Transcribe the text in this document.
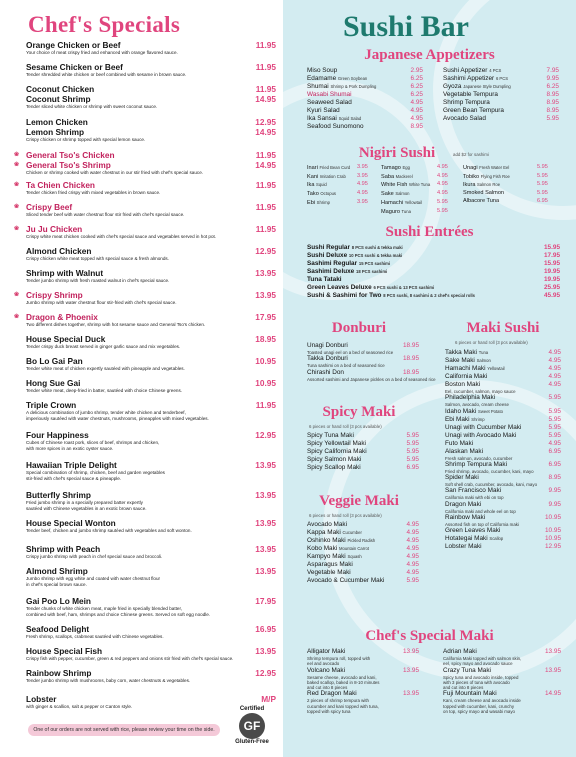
Chef's Specials
Orange Chicken or Beef	11.95
Your choice of meat crispy fried and enhanced with orange flavored sauce.
Sesame Chicken or Beef	11.95
Tender shredded white chicken or beef combined with sesame in brown sauce.
Coconut Chicken	11.95
Coconut Shrimp	14.95
Tender sliced white chicken or shrimp with sweet coconut sauce.
Lemon Chicken	12.95
Lemon Shrimp	14.95
Crispy chicken or shrimp topped with special lemon sauce.
❀ General Tso's Chicken	11.95
❀ General Tso's Shrimp	14.95
Chicken or shrimp cooked with water chestnut in our stir fried with chef's special sauce.
❀ Ta Chien Chicken	11.95
Tender chicken fried crispy with mixed vegetables in brown sauce.
❀ Crispy Beef	11.95
Sliced tender beef with water chestnut flour stir fried with chef's special sauce.
❀ Ju Ju Chicken	11.95
Crispy white meat chicken cooked with chef's special sauce and vegetables served in hot pot.
Almond Chicken	12.95
Crispy chicken white meat topped with special sauce & fresh almonds.
Shrimp with Walnut	13.95
Tender jumbo shrimp with fresh roasted walnut in chef's special sauce.
❀ Crispy Shrimp	13.95
Jumbo shrimp with water chestnut flour stir-fried with chef's special sauce.
❀ Dragon & Phoenix	17.95
Two different dishes together, shrimp with hot sesame sauce and General Tso's chicken.
House Special Duck	18.95
Tender crispy duck breast served in ginger garlic sauce and mix vegetables.
Bo Lo Gai Pan	10.95
Tender white meat of chicken expertly sautéed with pineapple and vegetables.
Hong Sue Gai	10.95
Tender white meat, deep-fried in batter, sautéed with choice Chinese greens.
Triple Crown	11.95
A delicious combination of jumbo shrimp, tender white chicken and tenderbeef,
imperiously sautéed with water chestnuts, mushrooms, pineapples with mixed vegetables.
Four Happiness	12.95
Cubes of Chinese roast pork, slices of beef, shrimps and chicken,
with more spices in an exotic oyster sauce.
Hawaiian Triple Delight	13.95
Special combination of shrimp, chicken, beef and garden vegetables
stir-fried with chef's special sauce & pineapple.
Butterfly Shrimp	13.95
Fried jumbo shrimp in a specially prepared batter expertly
sautéed with Chinese vegetables in an exotic brown sauce.
House Special Wonton	13.95
Tender beef, chicken and jumbo shrimp sautéed with vegetables and soft wonton.
Shrimp with Peach	13.95
Crispy jumbo shrimp with peach in chef special sauce and broccoli.
Almond Shrimp	13.95
Jumbo shrimp with egg white and coated with water chestnut flour
in chef's special brown sauce.
Gai Poo Lo Mein	17.95
Tender chunks of white chicken meat, maple fried in specially blended batter,
combined with beef, ham, shrimps and choice Chinese greens. Served on soft egg noodle.
Seafood Delight	16.95
Fresh shrimp, scallops, crabmeat sautéed with Chinese vegetables.
House Special Fish	13.95
Crispy fish with pepper, cucumber, green & red peppers and onions stir fried with chef's special sauce.
Rainbow Shrimp	12.95
Tender jumbo shrimp with mushrooms, baby corn, water chestnuts & vegetables.
Lobster	M/P
with ginger & scallion, salt & pepper or Canton style.	Certified
GF
Gluten-Free
One of our orders are not served with rice, please review your time on the side.
Sushi Bar
Japanese Appetizers
Miso Soup	2.95
Edamame Green Soybean	6.25
Shumai Shrimp & Pork Dumpling	6.25
Wasabi Shumai	6.25
Seaweed Salad	4.95
Kyuri Salad	4.95
Ika Sansai Squid Salad	4.95
Seafood Sunomono	8.95
Sushi Appetizer 4 PCS	7.95
Sashimi Appetizer 6 PCS	9.95
Gyoza Japanese Style Dumpling	6.25
Vegetable Tempura	8.95
Shrimp Tempura	8.95
Green Bean Tempura	8.95
Avocado Salad	5.95
Nigiri Sushi	add $2 for sashimi
Inari Fried Bean Curd	3.95
Kani Imitation Crab	3.95
Ika Squid	4.95
Tako Octopus	4.95
Ebi Shrimp	3.95
Tamago Egg	4.95
Saba Mackerel	4.95
White Fish White Tuna	4.95
Sake Salmon	4.95
Hamachi Yellowtail	5.95
Maguro Tuna	5.95
Unagi Fresh Water Eel	5.95
Tobiko Flying Fish Roe	5.95
Ikura Salmon Roe	5.95
Smoked Salmon	5.95
Albacore Tuna	6.95
Sushi Entrées
Sushi Regular 8 PCS sushi & tekka maki	15.95
Sushi Deluxe 10 PCS sushi & tekka maki	17.95
Sashimi Regular 15 PCS sashimi	15.95
Sashimi Deluxe 18 PCS sashimi	19.95
Tuna Tataki	19.95
Green Leaves Deluxe 6 PCS sushi & 13 PCS sashimi	25.95
Sushi & Sashimi for Two 8 PCS sushi, 8 sashimi & 2 chef's special rolls	45.95
Donburi
Unagi Donburi	18.95
Toasted unagi eel on a bed of seasoned rice
Takka Donburi	18.95
Tuna sashimi on a bed of seasoned rice
Chirashi Don	18.95
Assorted sashimi and Japanese pickles on a bed of seasoned rice
Spicy Maki
6 pieces or hand roll (3 pcs available)
Spicy Tuna Maki	5.95
Spicy Yellowtail Maki	5.95
Spicy California Maki	5.95
Spicy Salmon Maki	5.95
Spicy Scallop Maki	6.95
Veggie Maki
6 pieces or hand roll (3 pcs available)
Avocado Maki	4.95
Kappa Maki Cucumber	4.95
Oshinko Maki Pickled Radish	4.95
Kobo Maki Mountain Carrot	4.95
Kampyo Maki Squash	4.95
Asparagus Maki	4.95
Vegetable Maki	4.95
Avocado & Cucumber Maki	5.95
Maki Sushi
6 pieces or hand roll (3 pcs available)
Takka Maki Tuna	4.95
Sake Maki Salmon	4.95
Hamachi Maki Yellowtail	4.95
California Maki	4.95
Boston Maki	4.95
Eel, cucumber, salmon, mayo sauce
Philadelphia Maki	5.95
Salmon, avocado, cream cheese
Idaho Maki Sweet Potato	5.95
Ebi Maki Shrimp	5.95
Unagi with Cucumber Maki	5.95
Unagi with Avocado Maki	5.95
Futo Maki	4.95
Alaskan Maki	6.95
Fresh salmon, avocado, cucumber
Shrimp Tempura Maki	6.95
Fried shrimp, avocado, cucumber, kani, mayo
Spider Maki	8.95
Soft shell crab, cucumber, avocado, kani, mayo
San Francisco Maki	9.95
California maki with ebi on top
Dragon Maki	9.95
California maki and whole eel on top
Rainbow Maki	10.95
Assorted fish on top of California maki
Green Leaves Maki	10.95
Hotategai Maki Scallop	10.95
Lobster Maki	12.95
Chef's Special Maki
Alligator Maki	13.95
Shrimp tempura roll, topped with
eel and avocado
Volcano Maki	13.95
Sesame cheese, avocado and kani,
baked scallop, baked in 8-10 minutes
and cut into 8 pieces
Red Dragon Maki	13.95
2 pieces of shrimp tempura with
cucumber and kani topped with tuna,
topped with spicy tuna
Adrian Maki	13.95
California Maki topped with salmon skin,
eel, spicy mayo and avocado sauce
Crazy Tuna Maki	13.95
Spicy tuna and avocado inside, topped
with 3 pieces of tuna with avocado
and cut into 8 pieces
Fuji Mountain Maki	14.95
Kani, cream cheese and avocado inside
topped with cucumber, kani, crunchy
on top, spicy mayo and wasabi mayo
